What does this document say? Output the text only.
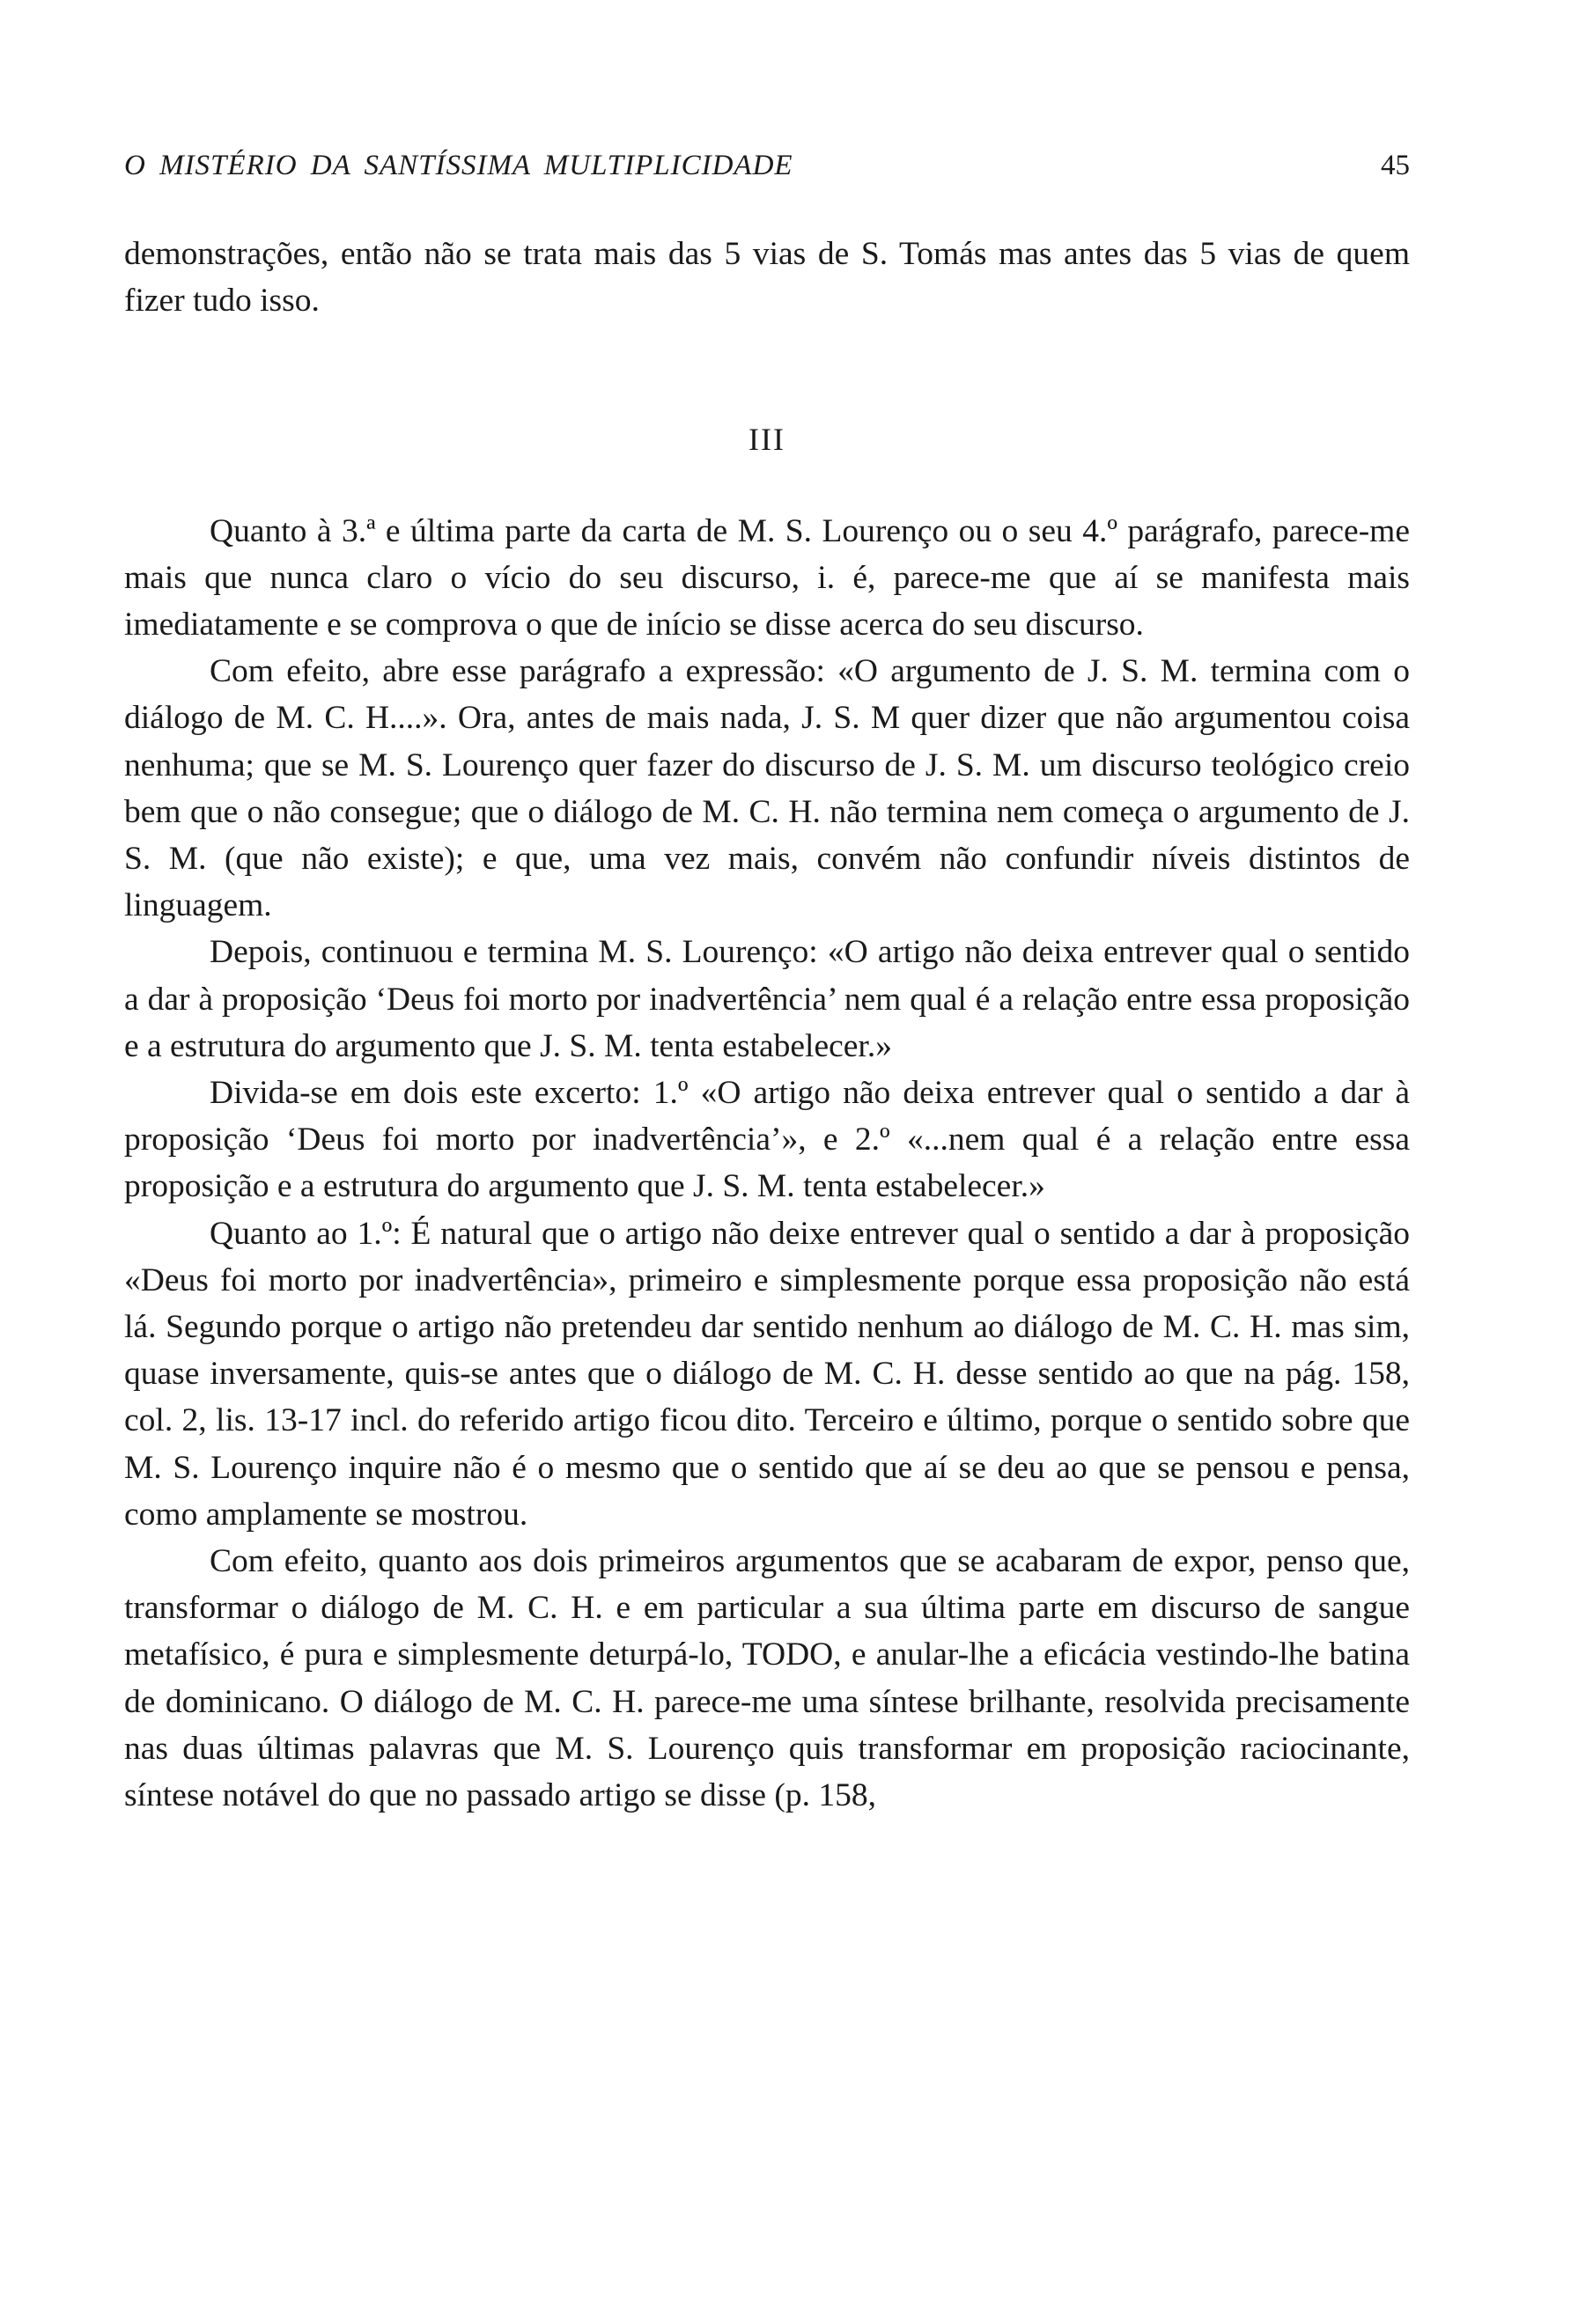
O MISTÉRIO DA SANTÍSSIMA MULTIPLICIDADE	45

demonstrações, então não se trata mais das 5 vias de S. Tomás mas antes das 5 vias de quem fizer tudo isso.

III

Quanto à 3.ª e última parte da carta de M. S. Lourenço ou o seu 4.º parágrafo, parece-me mais que nunca claro o vício do seu discurso, i. é, parece-me que aí se manifesta mais imediatamente e se comprova o que de início se disse acerca do seu discurso.

Com efeito, abre esse parágrafo a expressão: «O argumento de J. S. M. termina com o diálogo de M. C. H....». Ora, antes de mais nada, J. S. M quer dizer que não argumentou coisa nenhuma; que se M. S. Lourenço quer fazer do discurso de J. S. M. um discurso teológico creio bem que o não consegue; que o diálogo de M. C. H. não termina nem começa o argumento de J. S. M. (que não existe); e que, uma vez mais, convém não confundir níveis distintos de linguagem.

Depois, continuou e termina M. S. Lourenço: «O artigo não deixa entrever qual o sentido a dar à proposição ‘Deus foi morto por inadvertência’ nem qual é a relação entre essa proposição e a estrutura do argumento que J. S. M. tenta estabelecer.»

Divida-se em dois este excerto: 1.º «O artigo não deixa entrever qual o sentido a dar à proposição ‘Deus foi morto por inadvertência’», e 2.º «...nem qual é a relação entre essa proposição e a estrutura do argumento que J. S. M. tenta estabelecer.»

Quanto ao 1.º: É natural que o artigo não deixe entrever qual o sentido a dar à proposição «Deus foi morto por inadvertência», primeiro e simplesmente porque essa proposição não está lá. Segundo porque o artigo não pretendeu dar sentido nenhum ao diálogo de M. C. H. mas sim, quase inversamente, quis-se antes que o diálogo de M. C. H. desse sentido ao que na pág. 158, col. 2, lis. 13-17 incl. do referido artigo ficou dito. Terceiro e último, porque o sentido sobre que M. S. Lourenço inquire não é o mesmo que o sentido que aí se deu ao que se pensou e pensa, como amplamente se mostrou.

Com efeito, quanto aos dois primeiros argumentos que se acabaram de expor, penso que, transformar o diálogo de M. C. H. e em particular a sua última parte em discurso de sangue metafísico, é pura e simplesmente deturpá-lo, TODO, e anular-lhe a eficácia vestindo-lhe batina de dominicano. O diálogo de M. C. H. parece-me uma síntese brilhante, resolvida precisamente nas duas últimas palavras que M. S. Lourenço quis transformar em proposição raciocinante, síntese notável do que no passado artigo se disse (p. 158,
